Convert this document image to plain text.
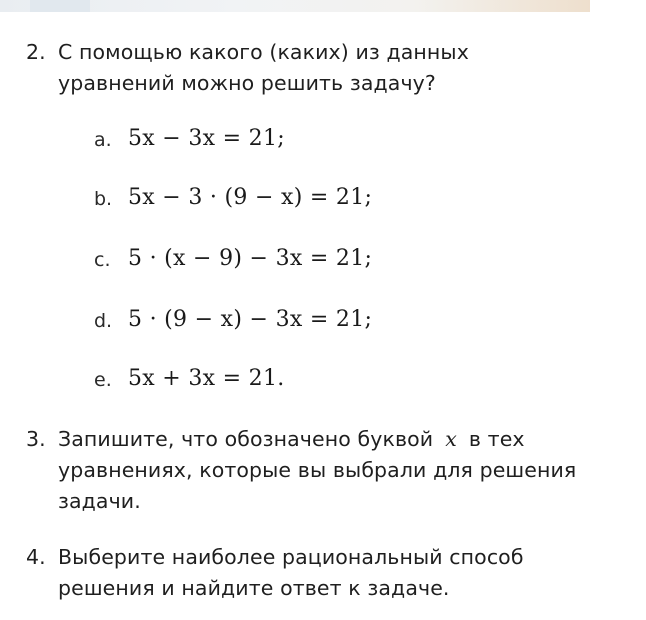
2. С помощью какого (каких) из данных
уравнений можно решить задачу?
a. 5x − 3x = 21;
b. 5x − 3 · (9 − x) = 21;
c. 5 · (x − 9) − 3x = 21;
d. 5 · (9 − x) − 3x = 21;
e. 5x + 3x = 21.
3. Запишите, что обозначено буквой x в тех
уравнениях, которые вы выбрали для решения
задачи.
4. Выберите наиболее рациональный способ
решения и найдите ответ к задаче.
